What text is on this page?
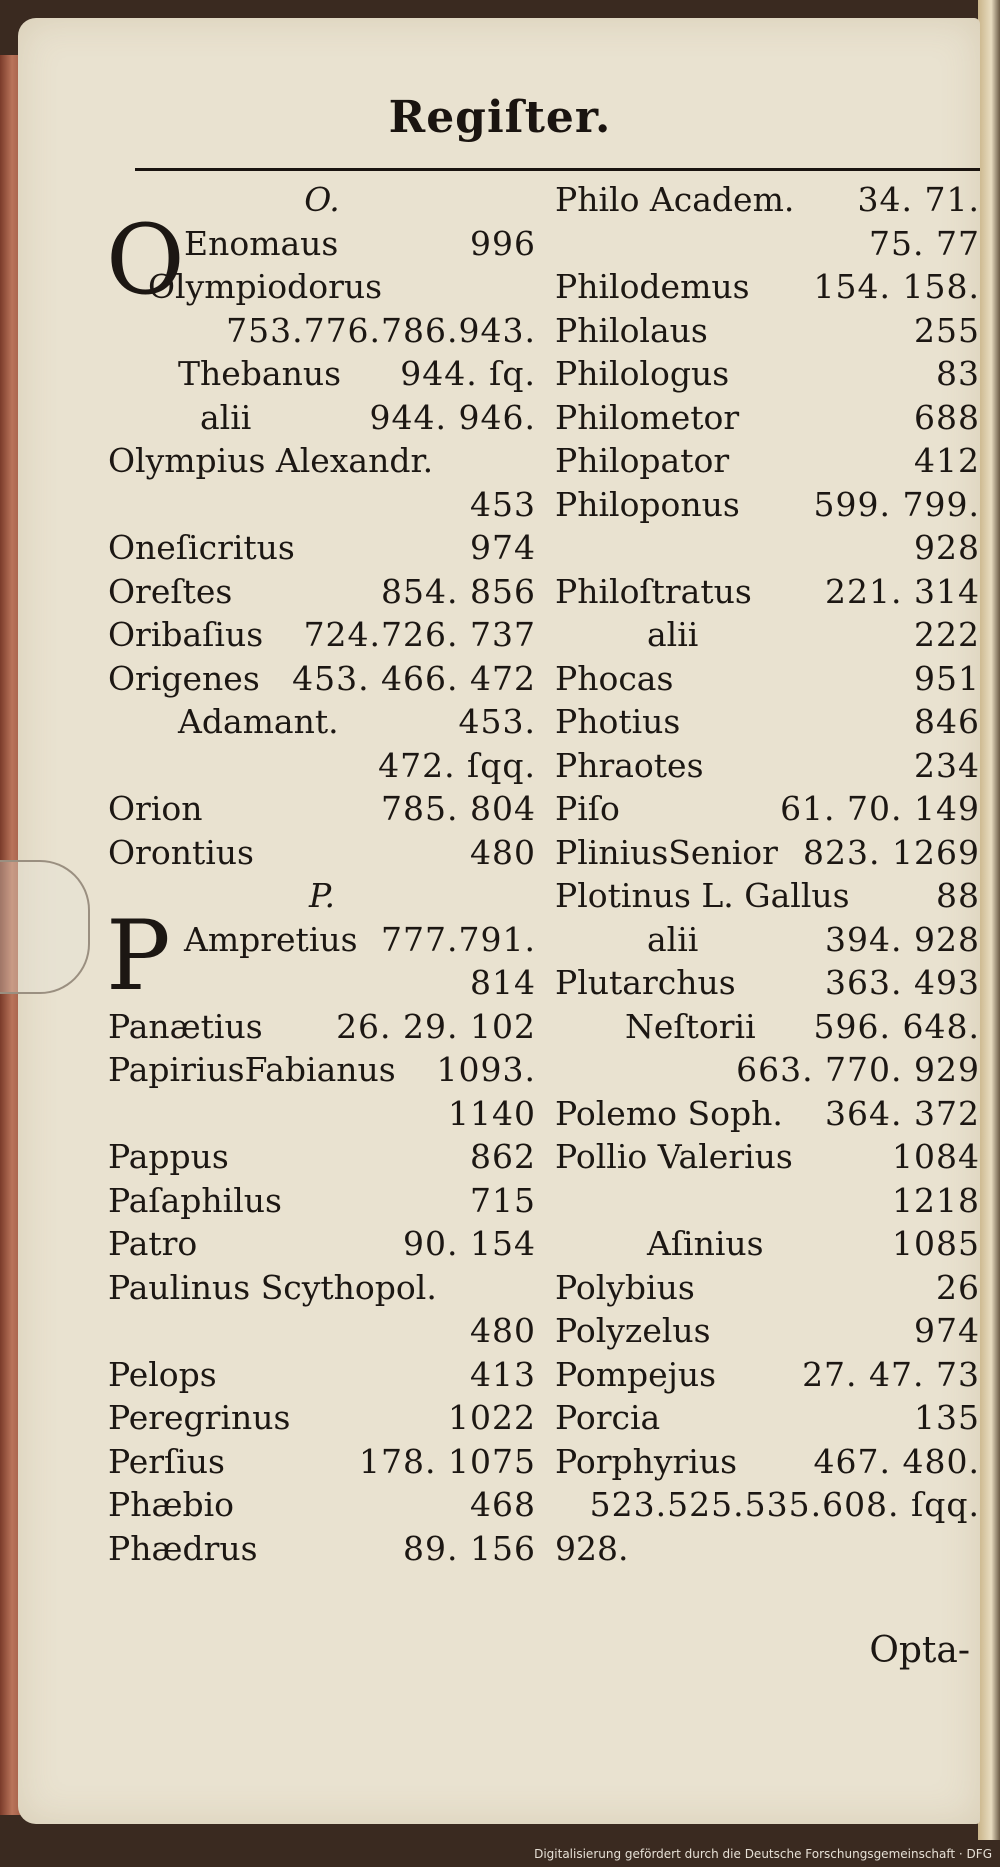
Regiſter.
O.
O Enomaus	996
Olympiodorus
753.776.786.943.
Thebanus 944. ſq.
alii	944. 946.
Olympius Alexandr.
453
Oneſicritus	974
Oreſtes	854. 856
Oribaſius 724.726. 737
Origenes 453. 466. 472
Adamant.	453.
472. ſqq.
Orion	785. 804
Orontius	480
P.
P Ampretius 777.791.
814
Panætius 26. 29. 102
PapiriusFabianus 1093.
1140
Pappus	862
Paſaphilus	715
Patro	90. 154
Paulinus Scythopol.
480
Pelops	413
Peregrinus	1022
Perſius	178. 1075
Phæbio	468
Phædrus	89. 156
Philo Academ. 34. 71.
75. 77
Philodemus 154. 158.
Philolaus	255
Philologus	83
Philometor	688
Philopator	412
Philoponus 599. 799.
928
Philoſtratus 221. 314
alii	222
Phocas	951
Photius	846
Phraotes	234
Piſo	61. 70. 149
PliniusSenior 823. 1269
Plotinus L. Gallus	88
alii	394. 928
Plutarchus	363. 493
Neſtorii 596. 648.
663. 770. 929
Polemo Soph. 364. 372
Pollio Valerius	1084
1218
Aſinius	1085
Polybius	26
Polyzelus	974
Pompejus	27. 47. 73
Porcia	135
Porphyrius 467. 480.
523.525.535.608. ſqq.
928.
Opta-
Digitalisierung gefördert durch die Deutsche Forschungsgemeinschaft · DFG
